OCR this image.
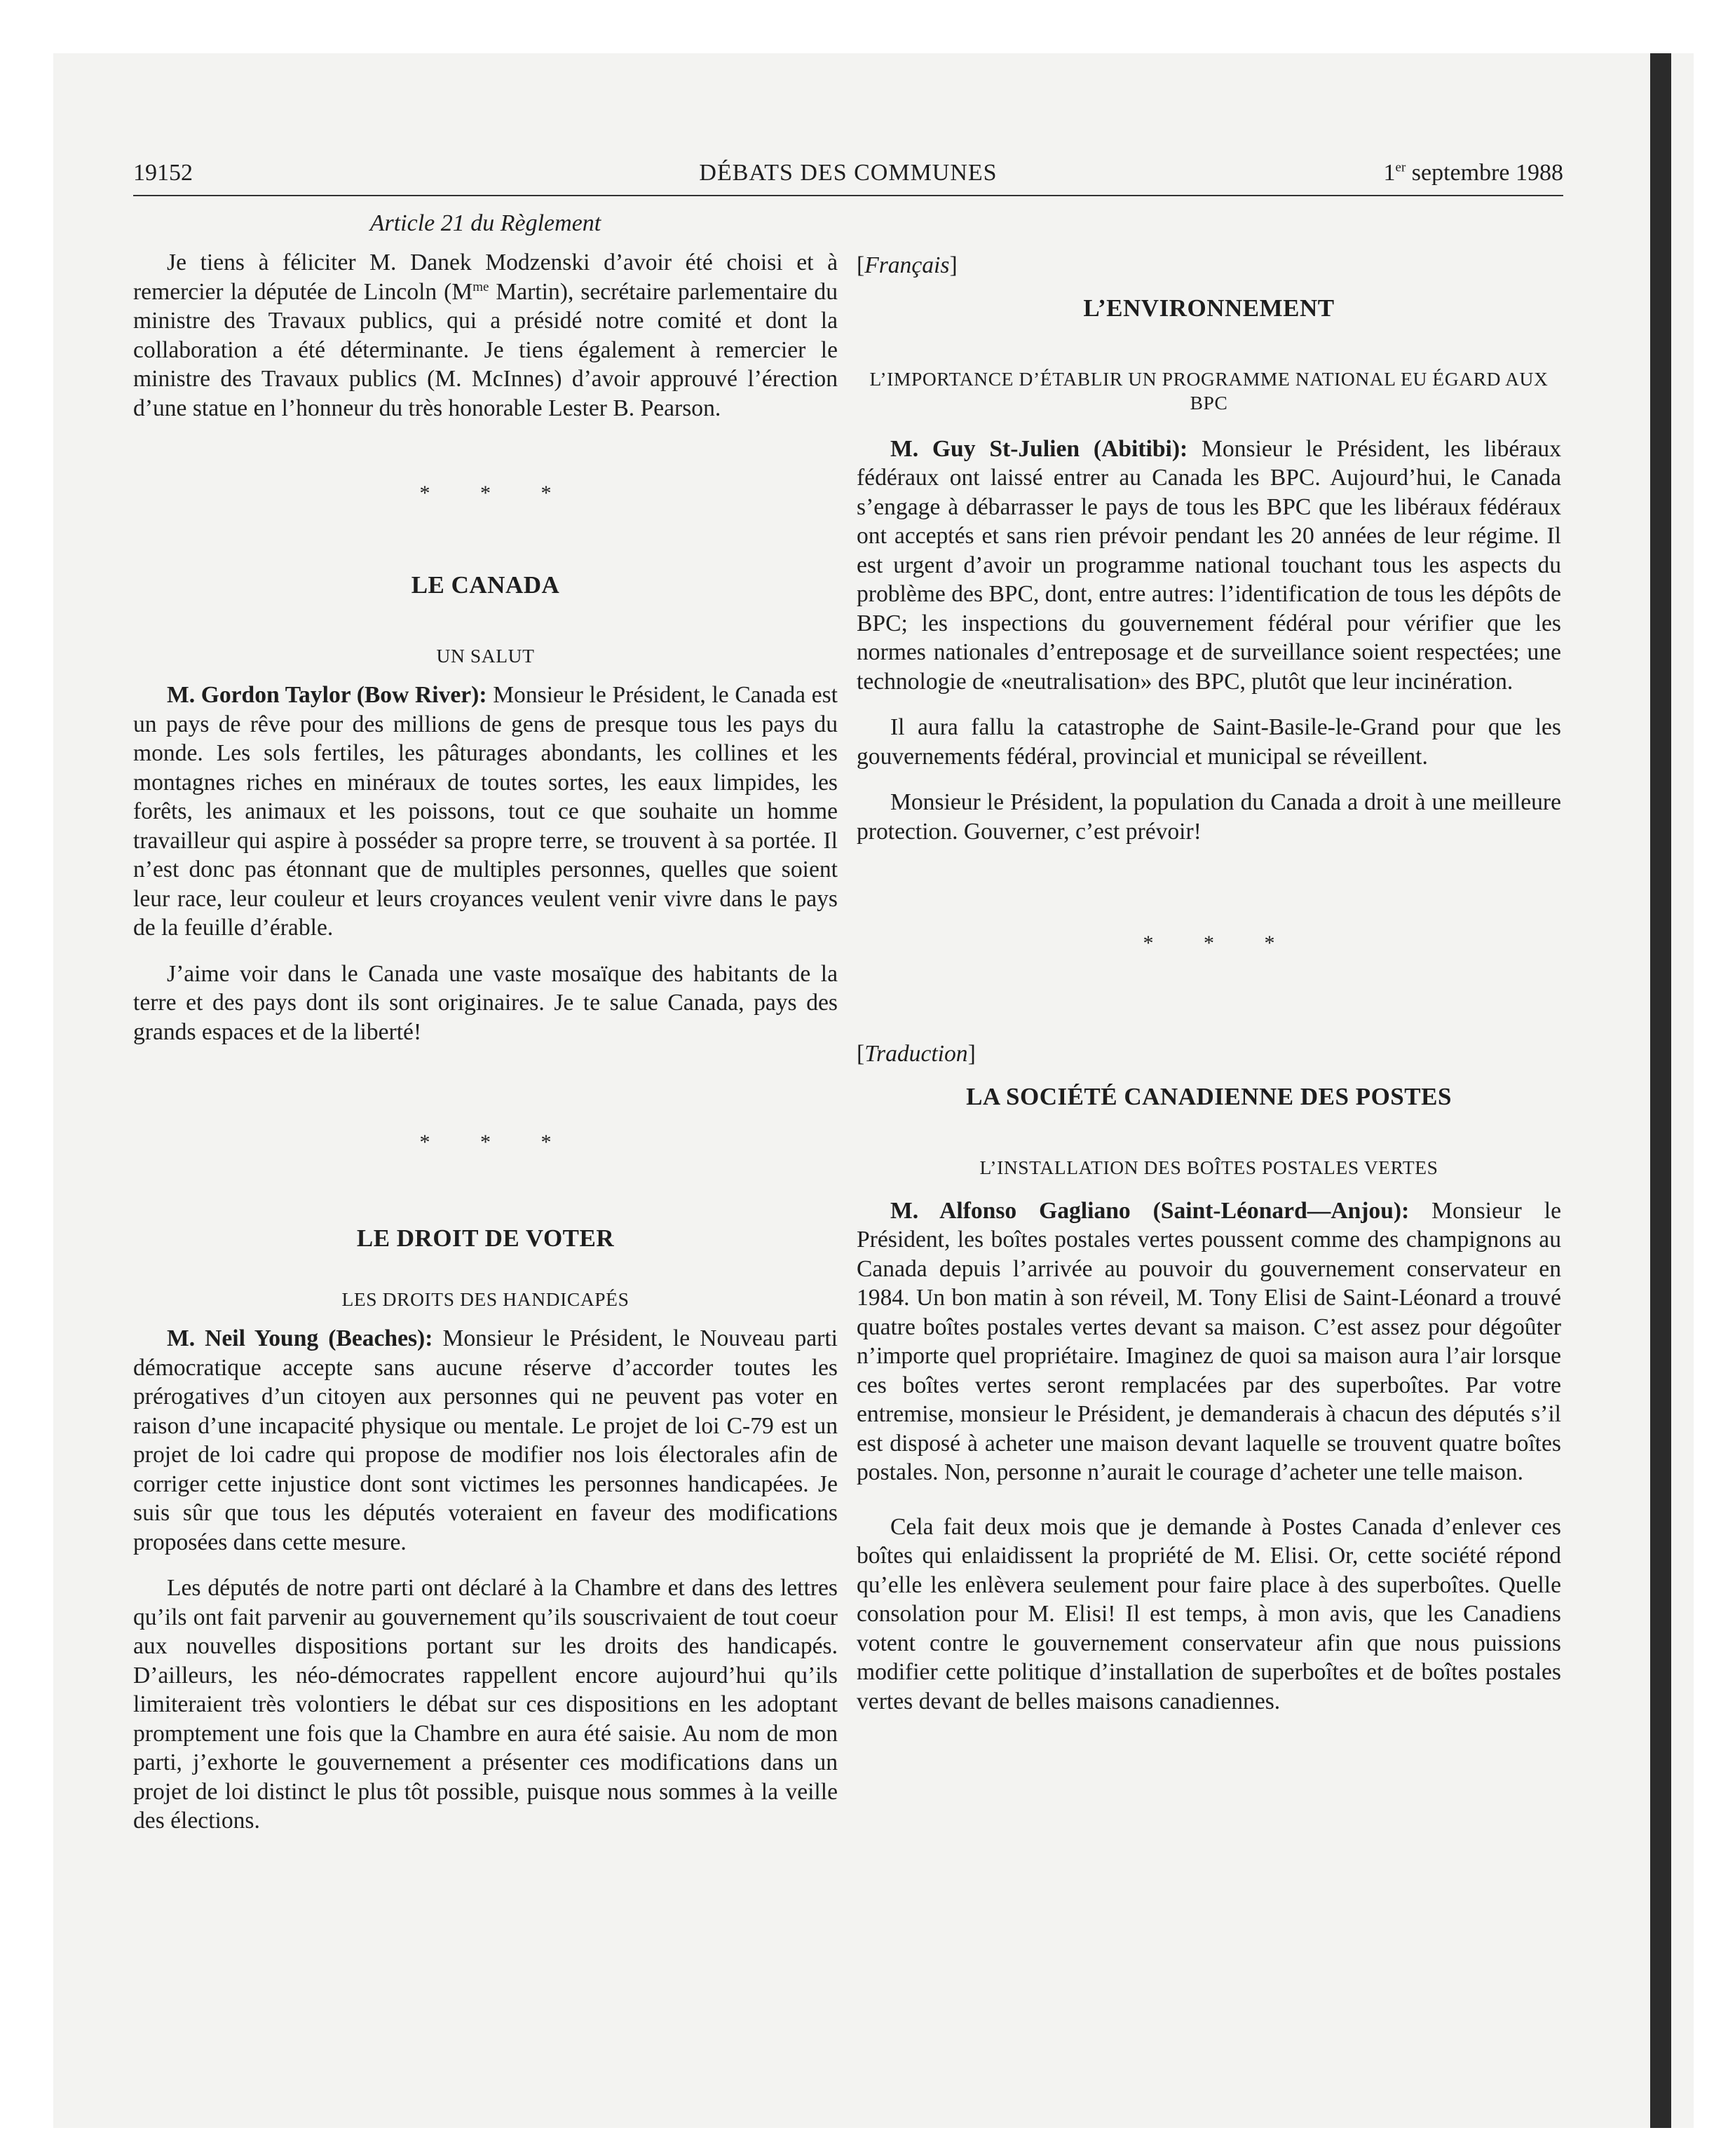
19152	DÉBATS DES COMMUNES	1er septembre 1988
Article 21 du Règlement

Je tiens à féliciter M. Danek Modzenski d’avoir été choisi et à remercier la députée de Lincoln ($M^{me}$ Martin), secrétaire parlementaire du ministre des Travaux publics, qui a présidé notre comité et dont la collaboration a été déterminante. Je tiens également à remercier le ministre des Travaux publics (M. McInnes) d’avoir approuvé l’érection d’une statue en l’honneur du très honorable Lester B. Pearson.

* * *
LE CANADA
UN SALUT

M. Gordon Taylor (Bow River): Monsieur le Président, le Canada est un pays de rêve pour des millions de gens de presque tous les pays du monde. Les sols fertiles, les pâturages abondants, les collines et les montagnes riches en minéraux de toutes sortes, les eaux limpides, les forêts, les animaux et les poissons, tout ce que souhaite un homme travailleur qui aspire à posséder sa propre terre, se trouvent à sa portée. Il n’est donc pas étonnant que de multiples personnes, quelles que soient leur race, leur couleur et leurs croyances veulent venir vivre dans le pays de la feuille d’érable.

J’aime voir dans le Canada une vaste mosaïque des habitants de la terre et des pays dont ils sont originaires. Je te salue Canada, pays des grands espaces et de la liberté!

* * *
LE DROIT DE VOTER
LES DROITS DES HANDICAPÉS

M. Neil Young (Beaches): Monsieur le Président, le Nouveau parti démocratique accepte sans aucune réserve d’accorder toutes les prérogatives d’un citoyen aux personnes qui ne peuvent pas voter en raison d’une incapacité physique ou mentale. Le projet de loi C-79 est un projet de loi cadre qui propose de modifier nos lois électorales afin de corriger cette injustice dont sont victimes les personnes handicapées. Je suis sûr que tous les députés voteraient en faveur des modifications proposées dans cette mesure.

Les députés de notre parti ont déclaré à la Chambre et dans des lettres qu’ils ont fait parvenir au gouvernement qu’ils souscrivaient de tout coeur aux nouvelles dispositions portant sur les droits des handicapés. D’ailleurs, les néo-démocrates rappellent encore aujourd’hui qu’ils limiteraient très volontiers le débat sur ces dispositions en les adoptant promptement une fois que la Chambre en aura été saisie. Au nom de mon parti, j’exhorte le gouvernement a présenter ces modifications dans un projet de loi distinct le plus tôt possible, puisque nous sommes à la veille des élections.

[Français]
L’ENVIRONNEMENT
L’IMPORTANCE D’ÉTABLIR UN PROGRAMME NATIONAL EU ÉGARD AUX BPC

M. Guy St-Julien (Abitibi): Monsieur le Président, les libéraux fédéraux ont laissé entrer au Canada les BPC. Aujourd’hui, le Canada s’engage à débarrasser le pays de tous les BPC que les libéraux fédéraux ont acceptés et sans rien prévoir pendant les 20 années de leur régime. Il est urgent d’avoir un programme national touchant tous les aspects du problème des BPC, dont, entre autres: l’identification de tous les dépôts de BPC; les inspections du gouvernement fédéral pour vérifier que les normes nationales d’entreposage et de surveillance soient respectées; une technologie de «neutralisation» des BPC, plutôt que leur incinération.

Il aura fallu la catastrophe de Saint-Basile-le-Grand pour que les gouvernements fédéral, provincial et municipal se réveillent.

Monsieur le Président, la population du Canada a droit à une meilleure protection. Gouverner, c’est prévoir!

* * *
[Traduction]
LA SOCIÉTÉ CANADIENNE DES POSTES
L’INSTALLATION DES BOÎTES POSTALES VERTES

M. Alfonso Gagliano (Saint-Léonard—Anjou): Monsieur le Président, les boîtes postales vertes poussent comme des champignons au Canada depuis l’arrivée au pouvoir du gouvernement conservateur en 1984. Un bon matin à son réveil, M. Tony Elisi de Saint-Léonard a trouvé quatre boîtes postales vertes devant sa maison. C’est assez pour dégoûter n’importe quel propriétaire. Imaginez de quoi sa maison aura l’air lorsque ces boîtes vertes seront remplacées par des superboîtes. Par votre entremise, monsieur le Président, je demanderais à chacun des députés s’il est disposé à acheter une maison devant laquelle se trouvent quatre boîtes postales. Non, personne n’aurait le courage d’acheter une telle maison.

Cela fait deux mois que je demande à Postes Canada d’enlever ces boîtes qui enlaidissent la propriété de M. Elisi. Or, cette société répond qu’elle les enlèvera seulement pour faire place à des superboîtes. Quelle consolation pour M. Elisi! Il est temps, à mon avis, que les Canadiens votent contre le gouvernement conservateur afin que nous puissions modifier cette politique d’installation de superboîtes et de boîtes postales vertes devant de belles maisons canadiennes.
